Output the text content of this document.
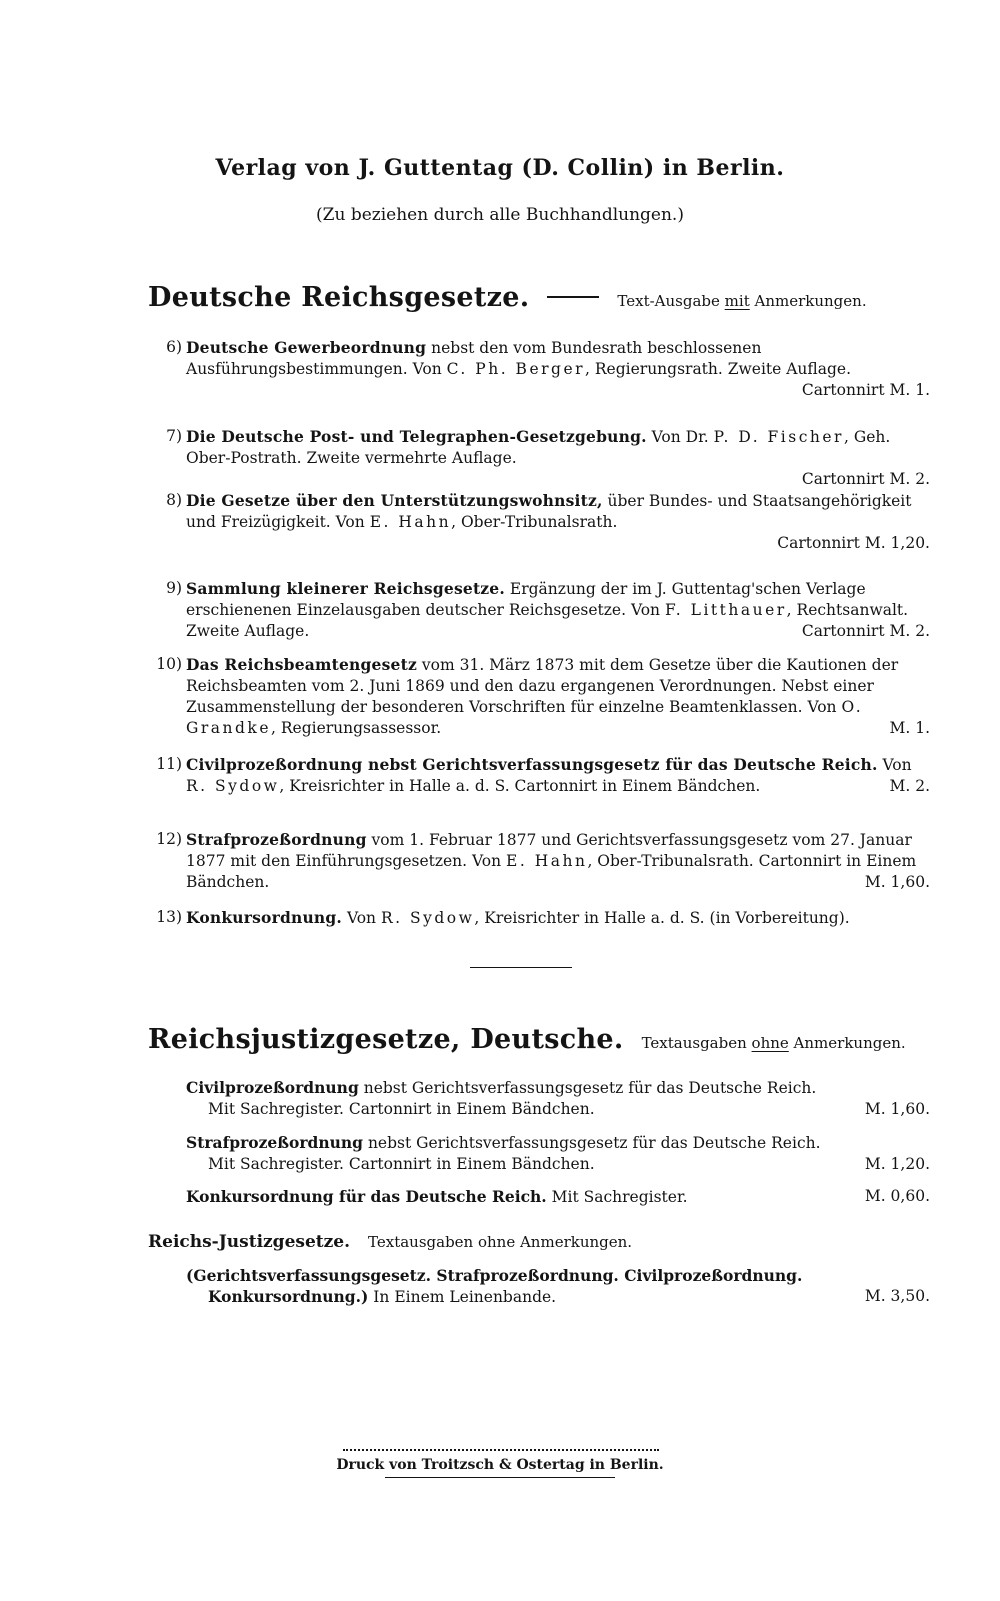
Verlag von J. Guttentag (D. Collin) in Berlin.
(Zu beziehen durch alle Buchhandlungen.)
Deutsche Reichsgesetze.	Text-Ausgabe mit Anmerkungen.
6) Deutsche Gewerbeordnung nebst den vom Bundesrath beschlossenen Ausführungsbestimmungen. Von C. Ph. Berger, Regierungsrath. Zweite Auflage.
Cartonnirt M. 1.
7) Die Deutsche Post- und Telegraphen-Gesetzgebung. Von Dr. P. D. Fischer, Geh. Ober-Postrath. Zweite vermehrte Auflage.
Cartonnirt M. 2.
8) Die Gesetze über den Unterstützungswohnsitz, über Bundes- und Staatsangehörigkeit und Freizügigkeit. Von E. Hahn, Ober-Tribunalsrath.
Cartonnirt M. 1,20.
9) Sammlung kleinerer Reichsgesetze. Ergänzung der im J. Guttentag'schen Verlage erschienenen Einzelausgaben deutscher Reichsgesetze. Von F. Litthauer, Rechtsanwalt. Zweite Auflage.	Cartonnirt M. 2.
10) Das Reichsbeamtengesetz vom 31. März 1873 mit dem Gesetze über die Kautionen der Reichsbeamten vom 2. Juni 1869 und den dazu ergangenen Verordnungen. Nebst einer Zusammenstellung der besonderen Vorschriften für einzelne Beamtenklassen. Von O. Grandke, Regierungsassessor.	M. 1.
11) Civilprozeßordnung nebst Gerichtsverfassungsgesetz für das Deutsche Reich. Von R. Sydow, Kreisrichter in Halle a. d. S. Cartonnirt in Einem Bändchen.	M. 2.
12) Strafprozeßordnung vom 1. Februar 1877 und Gerichtsverfassungsgesetz vom 27. Januar 1877 mit den Einführungsgesetzen. Von E. Hahn, Ober-Tribunalsrath. Cartonnirt in Einem Bändchen.	M. 1,60.
13) Konkursordnung. Von R. Sydow, Kreisrichter in Halle a. d. S. (in Vorbereitung).
Reichsjustizgesetze, Deutsche. Textausgaben ohne Anmerkungen.
Civilprozeßordnung nebst Gerichtsverfassungsgesetz für das Deutsche Reich.
Mit Sachregister. Cartonnirt in Einem Bändchen.	M. 1,60.
Strafprozeßordnung nebst Gerichtsverfassungsgesetz für das Deutsche Reich.
Mit Sachregister. Cartonnirt in Einem Bändchen.	M. 1,20.
Konkursordnung für das Deutsche Reich. Mit Sachregister.	M. 0,60.
Reichs-Justizgesetze. Textausgaben ohne Anmerkungen.
(Gerichtsverfassungsgesetz. Strafprozeßordnung. Civilprozeßordnung.
Konkursordnung.) In Einem Leinenbande.	M. 3,50.
Druck von Troitzsch & Ostertag in Berlin.
